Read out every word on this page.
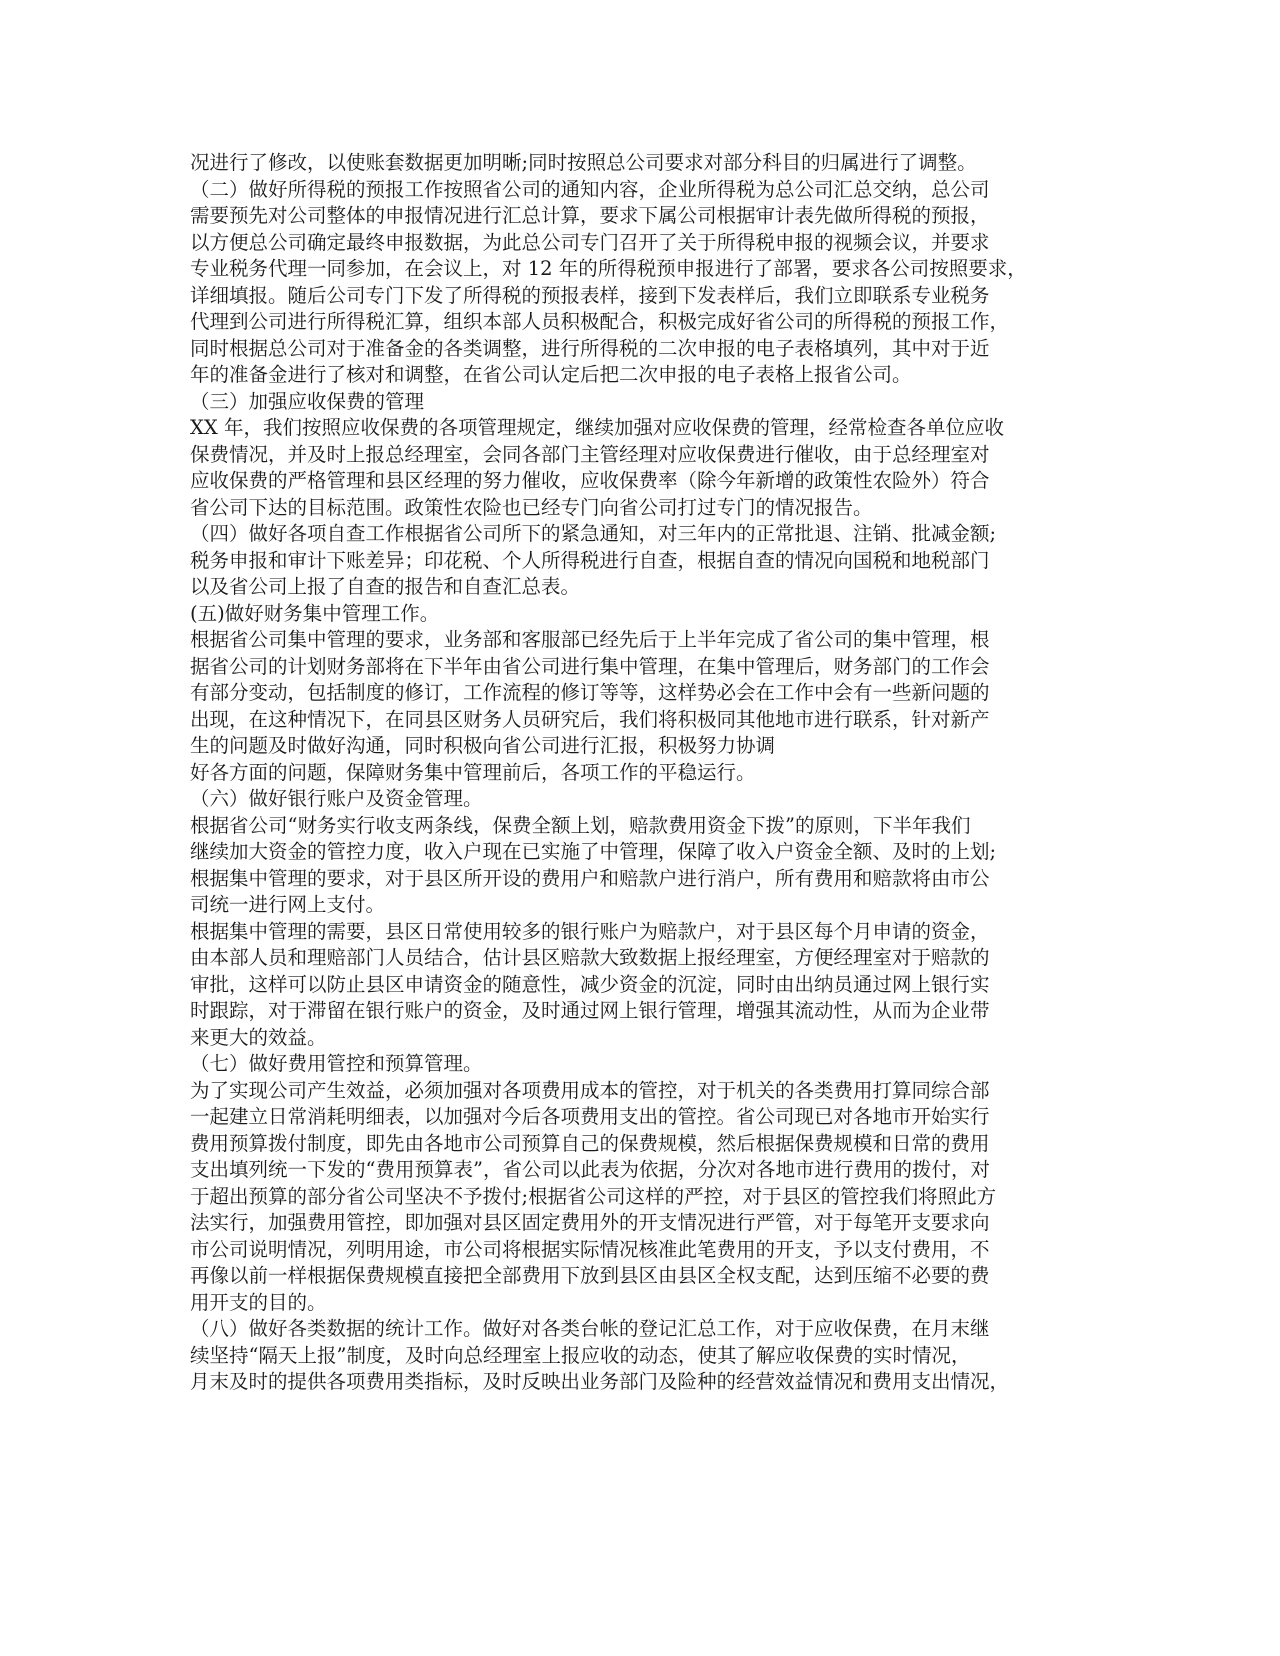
况进行了修改，以使账套数据更加明晰;同时按照总公司要求对部分科目的归属进行了调整。
（二）做好所得税的预报工作按照省公司的通知内容，企业所得税为总公司汇总交纳，总公司
需要预先对公司整体的申报情况进行汇总计算，要求下属公司根据审计表先做所得税的预报，
以方便总公司确定最终申报数据，为此总公司专门召开了关于所得税申报的视频会议，并要求
专业税务代理一同参加，在会议上，对 12 年的所得税预申报进行了部署，要求各公司按照要求，
详细填报。随后公司专门下发了所得税的预报表样，接到下发表样后，我们立即联系专业税务
代理到公司进行所得税汇算，组织本部人员积极配合，积极完成好省公司的所得税的预报工作，
同时根据总公司对于准备金的各类调整，进行所得税的二次申报的电子表格填列，其中对于近
年的准备金进行了核对和调整，在省公司认定后把二次申报的电子表格上报省公司。
（三）加强应收保费的管理
XX 年，我们按照应收保费的各项管理规定，继续加强对应收保费的管理，经常检查各单位应收
保费情况，并及时上报总经理室，会同各部门主管经理对应收保费进行催收，由于总经理室对
应收保费的严格管理和县区经理的努力催收，应收保费率（除今年新增的政策性农险外）符合
省公司下达的目标范围。政策性农险也已经专门向省公司打过专门的情况报告。
（四）做好各项自查工作根据省公司所下的紧急通知，对三年内的正常批退、注销、批减金额;
税务申报和审计下账差异；印花税、个人所得税进行自查，根据自查的情况向国税和地税部门
以及省公司上报了自查的报告和自查汇总表。
(五)做好财务集中管理工作。
根据省公司集中管理的要求，业务部和客服部已经先后于上半年完成了省公司的集中管理，根
据省公司的计划财务部将在下半年由省公司进行集中管理，在集中管理后，财务部门的工作会
有部分变动，包括制度的修订，工作流程的修订等等，这样势必会在工作中会有一些新问题的
出现，在这种情况下，在同县区财务人员研究后，我们将积极同其他地市进行联系，针对新产
生的问题及时做好沟通，同时积极向省公司进行汇报，积极努力协调
好各方面的问题，保障财务集中管理前后，各项工作的平稳运行。
（六）做好银行账户及资金管理。
根据省公司“财务实行收支两条线，保费全额上划，赔款费用资金下拨”的原则，下半年我们
继续加大资金的管控力度，收入户现在已实施了中管理，保障了收入户资金全额、及时的上划;
根据集中管理的要求，对于县区所开设的费用户和赔款户进行消户，所有费用和赔款将由市公
司统一进行网上支付。
根据集中管理的需要，县区日常使用较多的银行账户为赔款户，对于县区每个月申请的资金，
由本部人员和理赔部门人员结合，估计县区赔款大致数据上报经理室，方便经理室对于赔款的
审批，这样可以防止县区申请资金的随意性，减少资金的沉淀，同时由出纳员通过网上银行实
时跟踪，对于滞留在银行账户的资金，及时通过网上银行管理，增强其流动性，从而为企业带
来更大的效益。
（七）做好费用管控和预算管理。
为了实现公司产生效益，必须加强对各项费用成本的管控，对于机关的各类费用打算同综合部
一起建立日常消耗明细表，以加强对今后各项费用支出的管控。省公司现已对各地市开始实行
费用预算拨付制度，即先由各地市公司预算自己的保费规模，然后根据保费规模和日常的费用
支出填列统一下发的“费用预算表”，省公司以此表为依据，分次对各地市进行费用的拨付，对
于超出预算的部分省公司坚决不予拨付;根据省公司这样的严控，对于县区的管控我们将照此方
法实行，加强费用管控，即加强对县区固定费用外的开支情况进行严管，对于每笔开支要求向
市公司说明情况，列明用途，市公司将根据实际情况核准此笔费用的开支，予以支付费用，不
再像以前一样根据保费规模直接把全部费用下放到县区由县区全权支配，达到压缩不必要的费
用开支的目的。
（八）做好各类数据的统计工作。做好对各类台帐的登记汇总工作，对于应收保费，在月末继
续坚持“隔天上报”制度，及时向总经理室上报应收的动态，使其了解应收保费的实时情况，
月末及时的提供各项费用类指标，及时反映出业务部门及险种的经营效益情况和费用支出情况，
